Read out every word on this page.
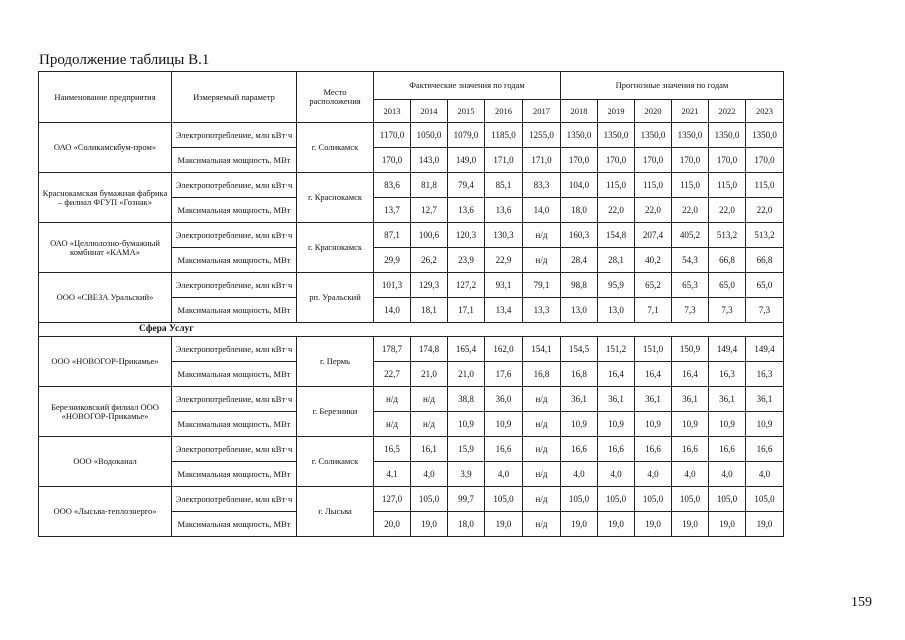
Продолжение таблицы В.1
Наименование предприятия	Измеряемый параметр	Место расположения	Фактические значения по годам					Прогнозные значения по годам					
			2013	2014	2015	2016	2017	2018	2019	2020	2021	2022	2023
ОАО «Соликамскбум-пром»	Электропотребление, млн кВт·ч	г. Соликамск	1170,0	1050,0	1079,0	1185,0	1255,0	1350,0	1350,0	1350,0	1350,0	1350,0	1350,0
	Максимальная мощность, МВт		170,0	143,0	149,0	171,0	171,0	170,0	170,0	170,0	170,0	170,0	170,0
Краснокамская бумажная фабрика – филиал ФГУП «Гознак»	Электропотребление, млн кВт·ч	г. Краснокамск	83,6	81,8	79,4	85,1	83,3	104,0	115,0	115,0	115,0	115,0	115,0
	Максимальная мощность, МВт		13,7	12,7	13,6	13,6	14,0	18,0	22,0	22,0	22,0	22,0	22,0
ОАО «Целлюлозно-бумажный комбинат «КАМА»	Электропотребление, млн кВт·ч	г. Краснокамск	87,1	100,6	120,3	130,3	н/д	160,3	154,8	207,4	405,2	513,2	513,2
	Максимальная мощность, МВт		29,9	26,2	23,9	22,9	н/д	28,4	28,1	40,2	54,3	66,8	66,8
ООО «СВЕЗА Уральский»	Электропотребление, млн кВт·ч	рп. Уральский	101,3	129,3	127,2	93,1	79,1	98,8	95,9	65,2	65,3	65,0	65,0
	Максимальная мощность, МВт		14,0	18,1	17,1	13,4	13,3	13,0	13,0	7,1	7,3	7,3	7,3
Сфера Услуг													
ООО «НОВОГОР-Прикамье»	Электропотребление, млн кВт·ч	г. Пермь	178,7	174,8	165,4	162,0	154,1	154,5	151,2	151,0	150,9	149,4	149,4
	Максимальная мощность, МВт		22,7	21,0	21,0	17,6	16,8	16,8	16,4	16,4	16,4	16,3	16,3
Березниковский филиал ООО «НОВОГОР-Прикамье»	Электропотребление, млн кВт·ч	г. Березники	н/д	н/д	38,8	36,0	н/д	36,1	36,1	36,1	36,1	36,1	36,1
	Максимальная мощность, МВт		н/д	н/д	10,9	10,9	н/д	10,9	10,9	10,9	10,9	10,9	10,9
ООО «Водоканал	Электропотребление, млн кВт·ч	г. Соликамск	16,5	16,1	15,9	16,6	н/д	16,6	16,6	16,6	16,6	16,6	16,6
	Максимальная мощность, МВт		4,1	4,0	3,9	4,0	н/д	4,0	4,0	4,0	4,0	4,0	4,0
ООО «Лысьва-теплоэнерго»	Электропотребление, млн кВт·ч	г. Лысьва	127,0	105,0	99,7	105,0	н/д	105,0	105,0	105,0	105,0	105,0	105,0
	Максимальная мощность, МВт		20,0	19,0	18,0	19,0	н/д	19,0	19,0	19,0	19,0	19,0	19,0
159
